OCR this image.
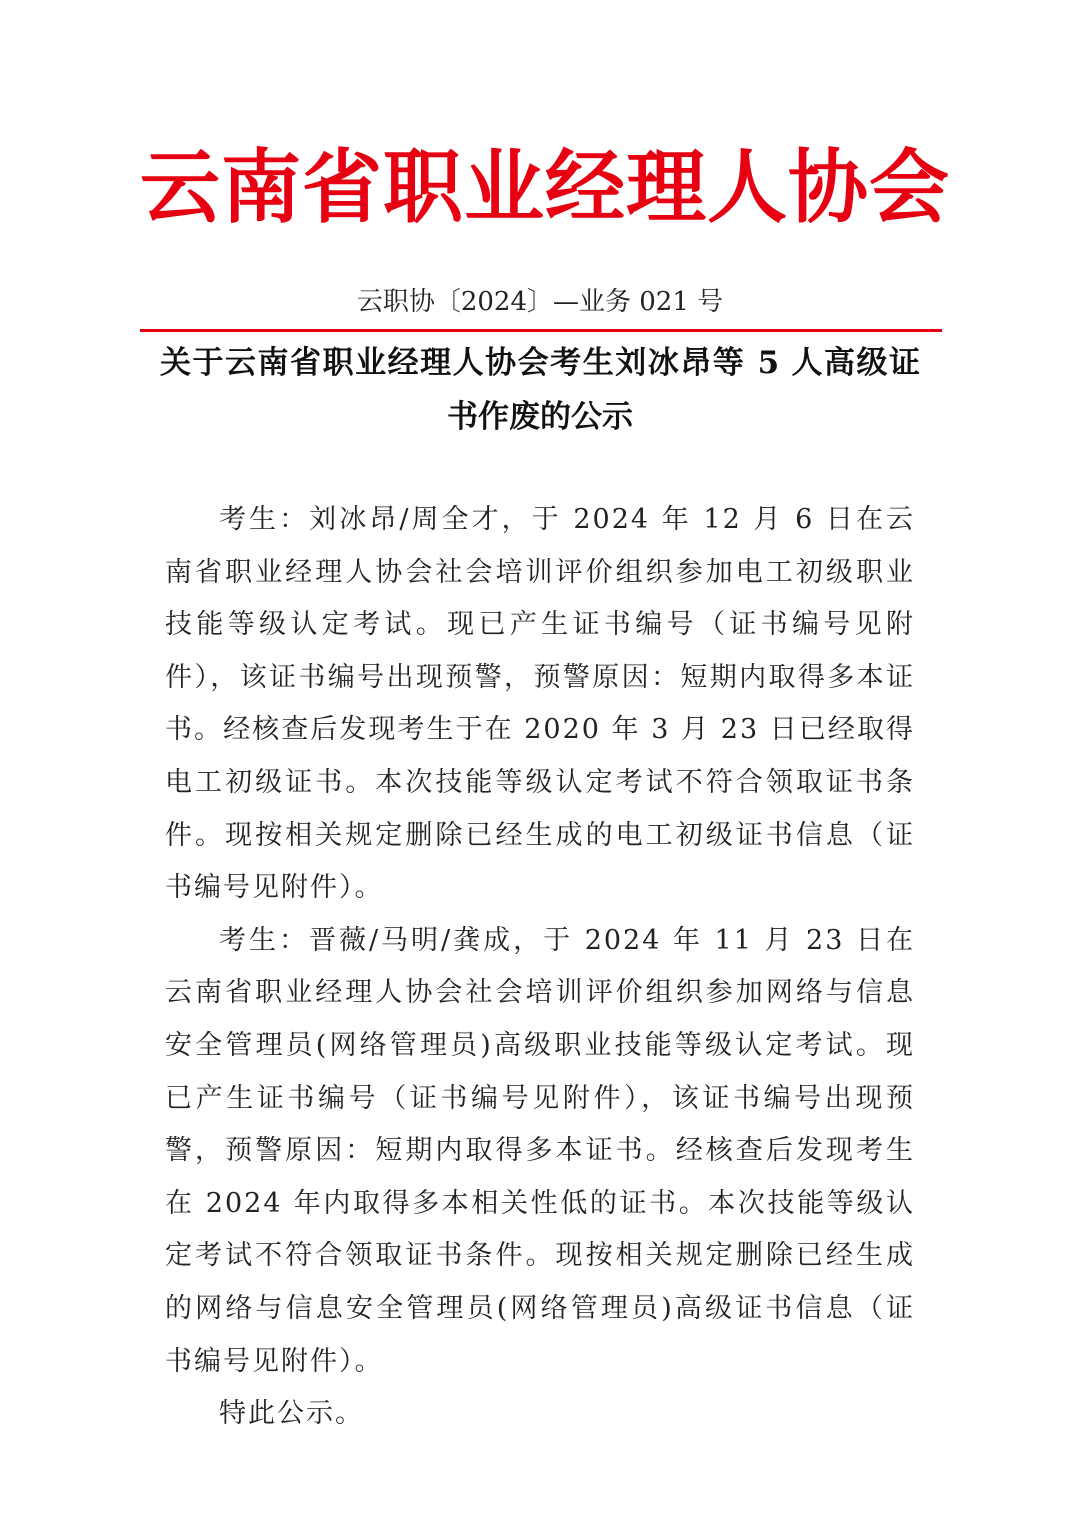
云南省职业经理人协会
云职协〔2024〕—业务 021 号
关于云南省职业经理人协会考生刘冰昂等 5 人高级证
书作废的公示

考生：刘冰昂/周全才，于 2024 年 12 月 6 日在云南省职业经理人协会社会培训评价组织参加电工初级职业技能等级认定考试。现已产生证书编号（证书编号见附件），该证书编号出现预警，预警原因：短期内取得多本证书。经核查后发现考生于在 2020 年 3 月 23 日已经取得电工初级证书。本次技能等级认定考试不符合领取证书条件。现按相关规定删除已经生成的电工初级证书信息（证书编号见附件）。

考生：晋薇/马明/龚成，于 2024 年 11 月 23 日在云南省职业经理人协会社会培训评价组织参加网络与信息安全管理员(网络管理员)高级职业技能等级认定考试。现已产生证书编号（证书编号见附件），该证书编号出现预警，预警原因：短期内取得多本证书。经核查后发现考生在 2024 年内取得多本相关性低的证书。本次技能等级认定考试不符合领取证书条件。现按相关规定删除已经生成的网络与信息安全管理员(网络管理员)高级证书信息（证书编号见附件）。

特此公示。
